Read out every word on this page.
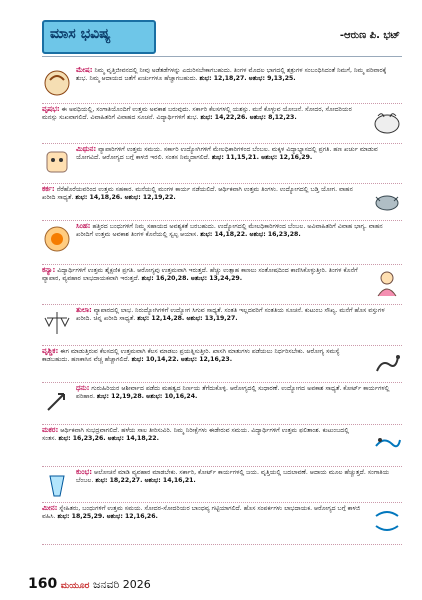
ಮಾಸ ಭವಿಷ್ಯ	-ಆರುಣ ಪಿ. ಭಟ್
ಮೇಷ: ನಿಮ್ಮ ವೃತ್ತಿಜೀವನದಲ್ಲಿ ನೀವು ಅಡೆತಡೆಗಳನ್ನು ಎದುರಿಸಬೇಕಾಗಬಹುದು. ತಿಂಗಳ ಮೊದಲ ಭಾಗದಲ್ಲಿ ಶತ್ರುಗಳ ಸಂಬಂಧಿಸಿದಂತೆ ನಿಮಗೆ, ನಿಮ್ಮ ಪರಿವಾರಕ್ಕೆ ಶುಭ. ನಿಮ್ಮ ಆದಾಯದ ಜತೆಗೆ ಖರ್ಚುಗಳೂ ಹೆಚ್ಚಾಗಬಹುದು. ಶುಭ: 12,18,27. ಅಶುಭ: 9,13,25.
ವೃಷಭ: ಈ ಅವಧಿಯಲ್ಲಿ, ಸಂಗಾತಿಯೊಂದಿಗೆ ಉತ್ತಮ ಅವಕಾಶ ಬರುವುದು. ಸರ್ಕಾರಿ ಕೆಲಸಗಳಲ್ಲಿ ಯಶಸ್ಸು. ಮನೆ ಕೊಳ್ಳುವ ಯೋಜನೆ. ಸೋದರ, ಸೋದರಿಯರ ಮನಸ್ಸು ಸುಖವಾಗಲಿದೆ. ವಿವಾಹಿತರಿಗೆ ವಿವಾಹದ ಸೂಚನೆ. ವಿದ್ಯಾರ್ಥಿಗಳಿಗೆ ಶುಭ. ಶುಭ: 14,22,26. ಅಶುಭ: 8,12,23.
ಮಿಥುನ: ವ್ಯಾಪಾರಿಗಳಿಗೆ ಉತ್ತಮ ಸಮಯ. ಸರ್ಕಾರಿ ಉದ್ಯೋಗಿಗಳಿಗೆ ಮೇಲಧಿಕಾರಿಗಳಿಂದ ಬೆಂಬಲ. ಮಕ್ಕಳ ವಿದ್ಯಾಭ್ಯಾಸದಲ್ಲಿ ಪ್ರಗತಿ. ಹಣ ಖರ್ಚು ಮಾಡುವ ಯೋಗವಿದೆ. ಆರೋಗ್ಯದ ಬಗ್ಗೆ ಕಾಳಜಿ ಇರಲಿ. ಸಂತಸ ನಿಮ್ಮದಾಗಲಿದೆ. ಶುಭ: 11,15,21. ಅಶುಭ: 12,16,29.
ಕರ್ಕ: ನೆರೆಹೊರೆಯವರಿಂದ ಉತ್ತಮ ಸಹಕಾರ. ಮನೆಯಲ್ಲಿ ಮಂಗಳ ಕಾರ್ಯ ನಡೆಯಲಿದೆ. ಆರ್ಥಿಕವಾಗಿ ಉತ್ತಮ ತಿಂಗಳು. ಉದ್ಯೋಗದಲ್ಲಿ ಬಡ್ತಿ ಯೋಗ. ವಾಹನ ಖರೀದಿ ಸಾಧ್ಯತೆ. ಶುಭ: 14,18,26. ಅಶುಭ: 12,19,22.
ಸಿಂಹ: ಹತ್ತಿರದ ಬಂಧುಗಳಿಗೆ ನಿಮ್ಮ ಸಹಾಯದ ಅವಶ್ಯಕತೆ ಬರಬಹುದು. ಉದ್ಯೋಗದಲ್ಲಿ ಮೇಲಧಿಕಾರಿಗಳಿಂದ ಬೆಂಬಲ. ಅವಿವಾಹಿತರಿಗೆ ವಿವಾಹ ಭಾಗ್ಯ. ವಾಹನ ಖರೀದಿಗೆ ಉತ್ತಮ ಅವಕಾಶ ತಿಂಗಳ ಕೊನೆಯಲ್ಲಿ ಸ್ವಲ್ಪ ಆಯಾಸ. ಶುಭ: 14,18,22. ಅಶುಭ: 16,23,28.
ಕನ್ಯಾ: ವಿದ್ಯಾರ್ಥಿಗಳಿಗೆ ಉತ್ತಮ ಶೈಕ್ಷಣಿಕ ಪ್ರಗತಿ. ಆರೋಗ್ಯವು ಉತ್ತಮವಾಗಿ ಇರುತ್ತದೆ. ಹೆಚ್ಚು ಉತ್ಸಾಹ ಕಾಣಲು ಸಂತೋಷದಿಂದ ಕಾಣಿಸಿಕೊಳ್ಳುತ್ತೀರಿ. ತಿಂಗಳ ಕೊನೆಗೆ ವ್ಯಾಪಾರ, ವ್ಯವಹಾರ ಲಾಭದಾಯಕವಾಗಿ ಇರುತ್ತದೆ. ಶುಭ: 16,20,28. ಅಶುಭ: 13,24,29.
ತುಲಾ: ವ್ಯಾಪಾರದಲ್ಲಿ ಲಾಭ. ನಿರುದ್ಯೋಗಿಗಳಿಗೆ ಉದ್ಯೋಗ ಸಿಗುವ ಸಾಧ್ಯತೆ. ಸಂತತಿ ಇಲ್ಲದವರಿಗೆ ಸಂತತಿಯ ಸೂಚನೆ. ಕುಟುಂಬ ಸೌಖ್ಯ. ಮನೆಗೆ ಹೊಸ ವಸ್ತುಗಳ ಖರೀದಿ. ಚಿನ್ನ ಖರೀದಿ ಸಾಧ್ಯತೆ. ಶುಭ: 12,14,28. ಅಶುಭ: 13,19,27.
ವೃಶ್ಚಿಕ: ಈಗ ಮಾಡುತ್ತಿರುವ ಕೆಲಸದಲ್ಲಿ ಉತ್ತಮವಾಗಿ ಕೆಲಸ ಮಾಡಲು ಪ್ರಯತ್ನಿಸುತ್ತೀರಿ. ಖಾಸಗಿ ಮಾತುಗಳು ಪಡೆಯಲು ನಿರ್ಧರಿಸಬೇಕು. ಆರೋಗ್ಯ ಸಮಸ್ಯೆ ಕಾಡಬಹುದು. ಹಣಕಾಸಿನ ವೆಚ್ಚ ಹೆಚ್ಚಾಗಲಿದೆ. ಶುಭ: 10,14,22. ಅಶುಭ: 12,16,23.
ಧನು: ಗುರುಹಿರಿಯರ ಆಶೀರ್ವಾದ ಪಡೆದು ಮಹತ್ವದ ನಿರ್ಣಯ ತೆಗೆದುಕೊಳ್ಳಿ. ಆರೋಗ್ಯದಲ್ಲಿ ಸುಧಾರಣೆ. ಉದ್ಯೋಗದ ಅವಕಾಶ ಸಾಧ್ಯತೆ. ಕೋರ್ಟ್ ಕಾರ್ಯಗಳಲ್ಲಿ ಪರಿಹಾರ. ಶುಭ: 12,19,28. ಅಶುಭ: 10,16,24.
ಮಕರ: ಆರ್ಥಿಕವಾಗಿ ಸುಭದ್ರವಾಗಲಿದೆ. ಹಳೆಯ ಸಾಲ ತೀರಿಸುವಿರಿ. ನಿಮ್ಮ ನಿರೀಕ್ಷೆಗಳು ಈಡೇರುವ ಸಮಯ. ವಿದ್ಯಾರ್ಥಿಗಳಿಗೆ ಉತ್ತಮ ಫಲಿತಾಂಶ. ಕುಟುಂಬದಲ್ಲಿ ಸಂತಸ. ಶುಭ: 16,23,26. ಅಶುಭ: 14,18,22.
ಕುಂಭ: ಆಲೋಚನೆ ಮಾಡಿ ವ್ಯವಹಾರ ಮಾಡಬೇಕು. ಸರ್ಕಾರಿ, ಕೋರ್ಟ್ ಕಾರ್ಯಗಳಲ್ಲಿ ಜಯ. ವೃತ್ತಿಯಲ್ಲಿ ಬದಲಾವಣೆ. ಆದಾಯ ಮೂಲ ಹೆಚ್ಚುತ್ತದೆ. ಸಂಗಾತಿಯ ಬೆಂಬಲ. ಶುಭ: 18,22,27. ಅಶುಭ: 14,16,21.
ಮೀನ: ಸ್ನೇಹಿತರು, ಬಂಧುಗಳಿಗೆ ಉತ್ತಮ ಸಮಯ. ಸೋದರ-ಸೋದರಿಯರ ಬಾಂಧವ್ಯ ಗಟ್ಟಿಯಾಗಲಿದೆ. ಹೊಸ ಸಂಪರ್ಕಗಳು ಲಾಭದಾಯಕ. ಆರೋಗ್ಯದ ಬಗ್ಗೆ ಕಾಳಜಿ ವಹಿಸಿ. ಶುಭ: 18,25,29. ಅಶುಭ: 12,16,26.
160 ಮಯೂರ ಜನವರಿ 2026
